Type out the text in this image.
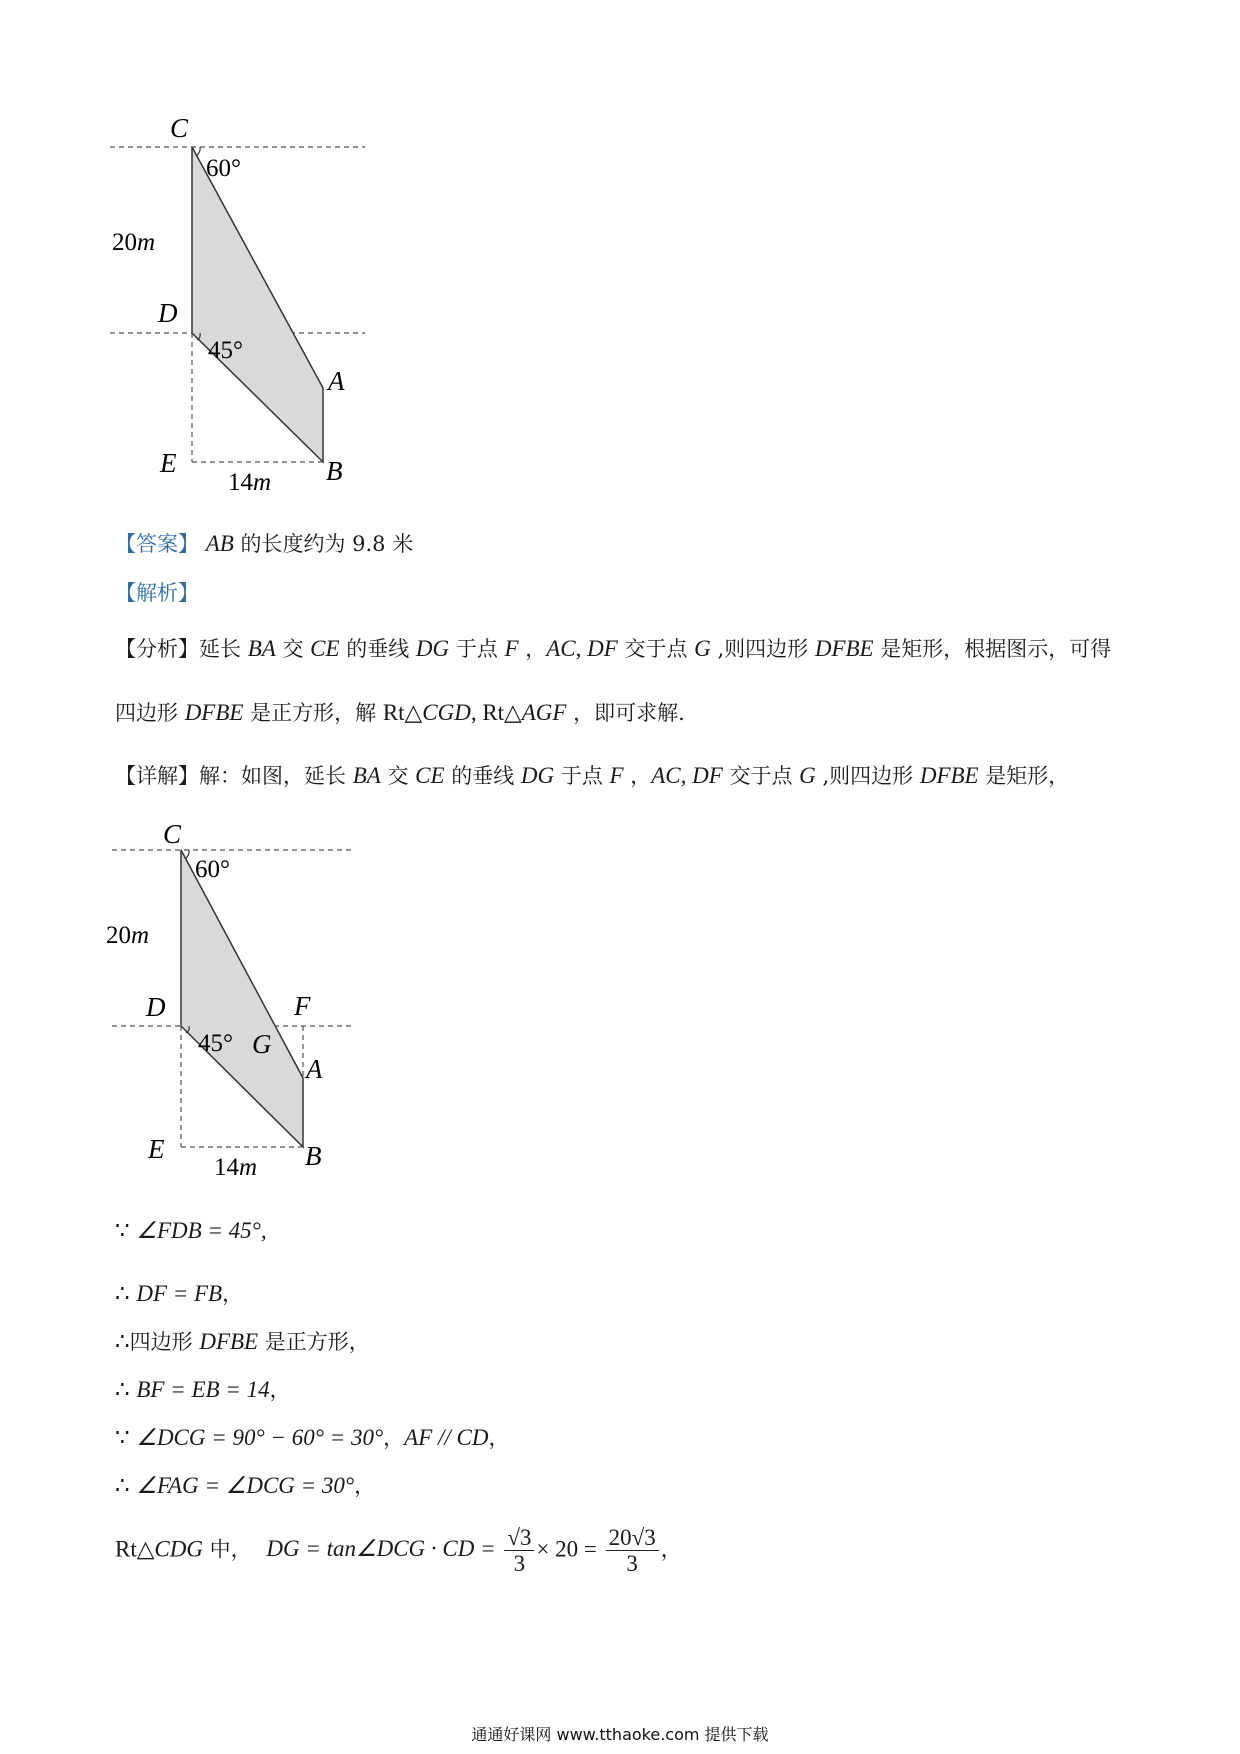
C
60°
20m
D
45°
A
E	B
14m
【答案】 AB 的长度约为 9.8 米
【解析】
【分析】延长 BA 交 CE 的垂线 DG 于点 F ，AC, DF 交于点 G ,则四边形 DFBE 是矩形，根据图示，可得
四边形 DFBE 是正方形，解 Rt△CGD, Rt△AGF ，即可求解.
【详解】解：如图，延长 BA 交 CE 的垂线 DG 于点 F ，AC, DF 交于点 G ,则四边形 DFBE 是矩形，
C
60°
20m
D	F
45° G
A
E	B
14m
∵ ∠FDB = 45°,
∴ DF = FB，
∴四边形 DFBE 是正方形，
∴ BF = EB = 14，
∵ ∠DCG = 90° − 60° = 30°，AF // CD，
∴ ∠FAG = ∠DCG = 30°，
Rt△CDG 中， DG = tan∠DCG · CD = $\frac{√3}{3} \times 20 = \frac{20√3}{3}$ ，
通通好课网 www.tthaoke.com 提供下载
